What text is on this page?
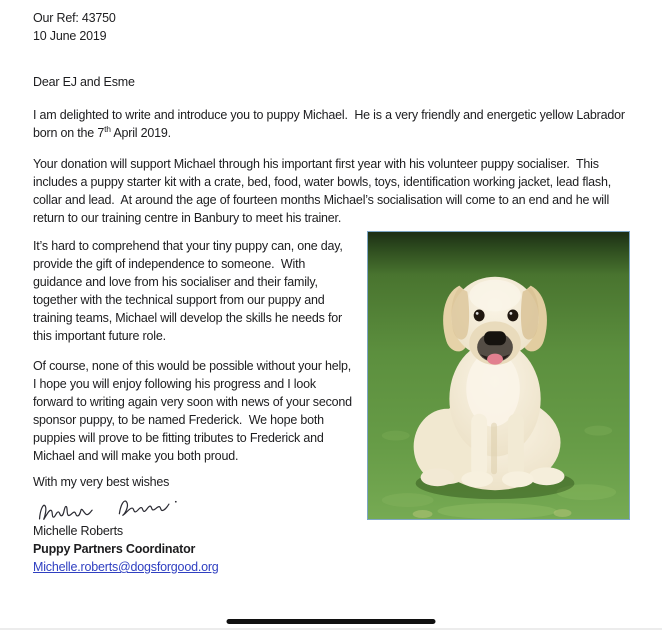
Our Ref: 43750

10 June 2019

Dear EJ and Esme

I am delighted to write and introduce you to puppy Michael.  He is a very friendly and energetic yellow Labrador born on the 7th April 2019.

Your donation will support Michael through his important first year with his volunteer puppy socialiser.  This includes a puppy starter kit with a crate, bed, food, water bowls, toys, identification working jacket, lead flash, collar and lead.  At around the age of fourteen months Michael’s socialisation will come to an end and he will return to our training centre in Banbury to meet his trainer.

It’s hard to comprehend that your tiny puppy can, one day, provide the gift of independence to someone.  With guidance and love from his socialiser and their family, together with the technical support from our puppy and training teams, Michael will develop the skills he needs for this important future role.

Of course, none of this would be possible without your help, I hope you will enjoy following his progress and I look forward to writing again very soon with news of your second sponsor puppy, to be named Frederick.  We hope both puppies will prove to be fitting tributes to Frederick and Michael and will make you both proud.

With my very best wishes

Michelle Roberts

Puppy Partners Coordinator

Michelle.roberts@dogsforgood.org
